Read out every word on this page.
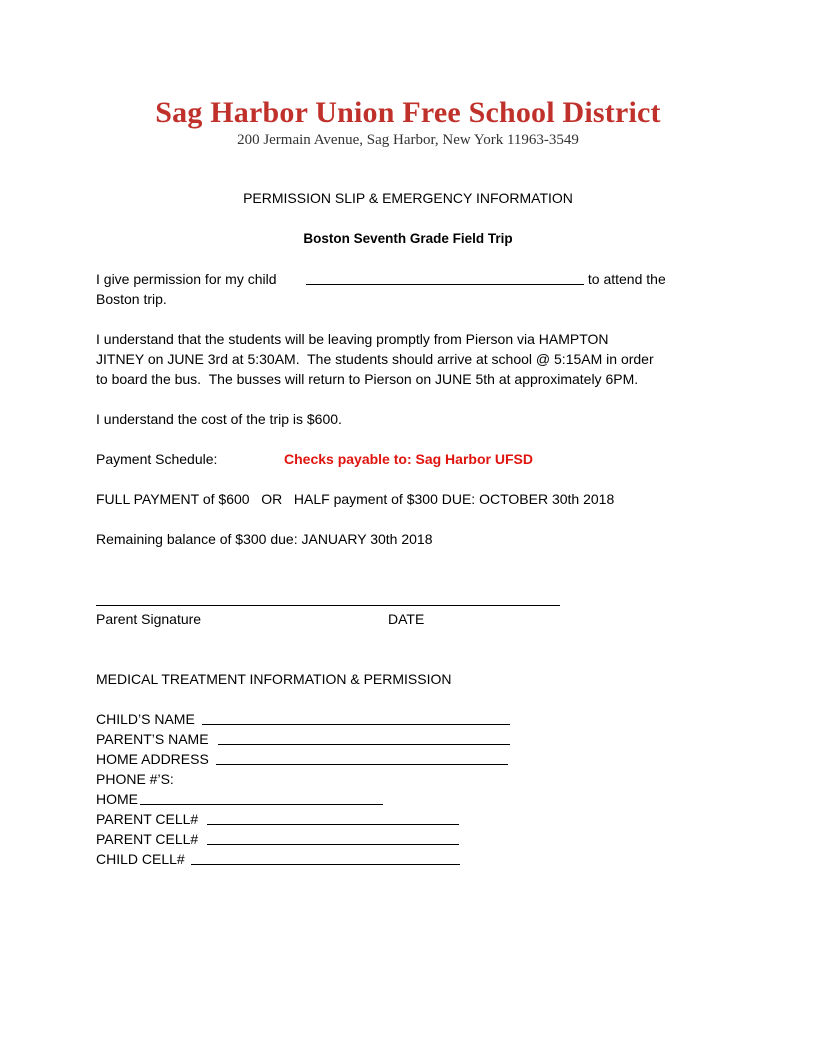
Sag Harbor Union Free School District
200 Jermain Avenue, Sag Harbor, New York 11963-3549
PERMISSION SLIP & EMERGENCY INFORMATION
Boston Seventh Grade Field Trip
I give permission for my child	to attend the
Boston trip.
I understand that the students will be leaving promptly from Pierson via HAMPTON
JITNEY on JUNE 3rd at 5:30AM.  The students should arrive at school @ 5:15AM in order
to board the bus.  The busses will return to Pierson on JUNE 5th at approximately 6PM.
I understand the cost of the trip is $600.
Payment Schedule:	Checks payable to: Sag Harbor UFSD
FULL PAYMENT of $600   OR   HALF payment of $300 DUE: OCTOBER 30th 2018
Remaining balance of $300 due: JANUARY 30th 2018
Parent Signature	DATE
MEDICAL TREATMENT INFORMATION & PERMISSION
CHILD’S NAME
PARENT’S NAME
HOME ADDRESS
PHONE #’S:
HOME
PARENT CELL#
PARENT CELL#
CHILD CELL#
